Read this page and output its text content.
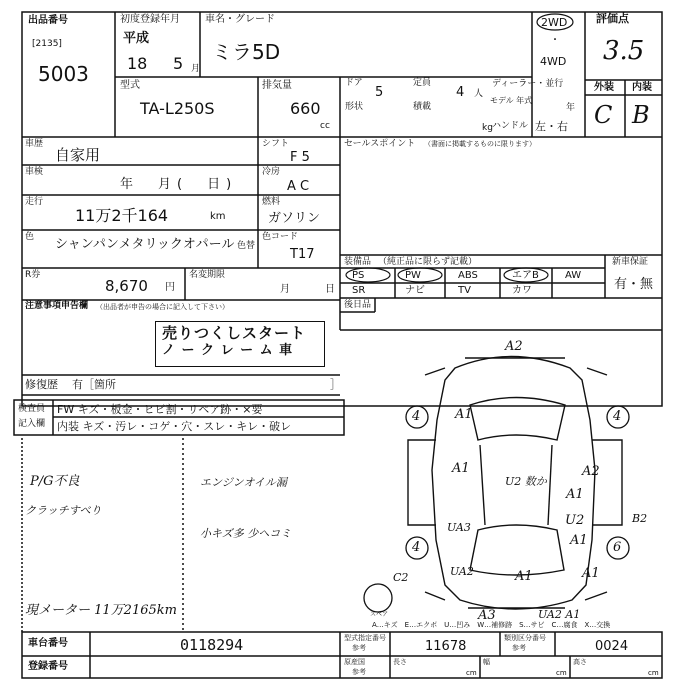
出品番号
[2135]
5003
初度登録年月
平成
18 5 月
車名・グレード
ミラ5D
2WD
・
4WD
評価点
3.5
外装 内装
C B
型式
TA-L250S
排気量
660
cc
ドア
5
定員
4 人
形状	積載
kg
ディーラー・並行
モデル 年式
年
ハンドル 左・右
車歴
自家用
車検
年　月(　日)
走行
11万2千164	km
色 シャンパンメタリックオパール 色替
R券
8,670 円
名変期限
月	日
シフト
F 5
冷房
A C
燃料
ガソリン
色コード
T17
注意事項申告欄 （出品者が申告の場合に記入して下さい）
売りつくしスタート
ノ ー ク レ ー ム 車
修復歴 有［箇所	］
セールスポイント （書面に掲載するものに限ります）
装備品 （純正品に限らず記載）	新車保証
有・無
PS	PW	ABS	エアB	AW
SR	ナビ	TV	カワ
後日品
検査員
記入欄
FW キズ・板金・ヒビ割・リペア跡・×要
内装 キズ・汚レ・コゲ・穴・スレ・キレ・破レ
P/G不良
クラッチすべり
現メーター 11万2165km
エンジンオイル漏
小キズ多 少ヘコミ
A2
A1
A1	A2
U2 数か
A1
U2
A1
UA3
UA2	A1	A1
A3	UA2 A1
C2
B2
4	4
4	6
スペア
A…キズ　E…エクボ　U…凹み　W…補修跡　S…サビ　C…腐食　X…交換
車台番号	0118294
登録番号
型式指定番号
参考	11678
類別区分番号
参考	0024
原産国
参考
長さ
cm
幅
cm
高さ
cm
